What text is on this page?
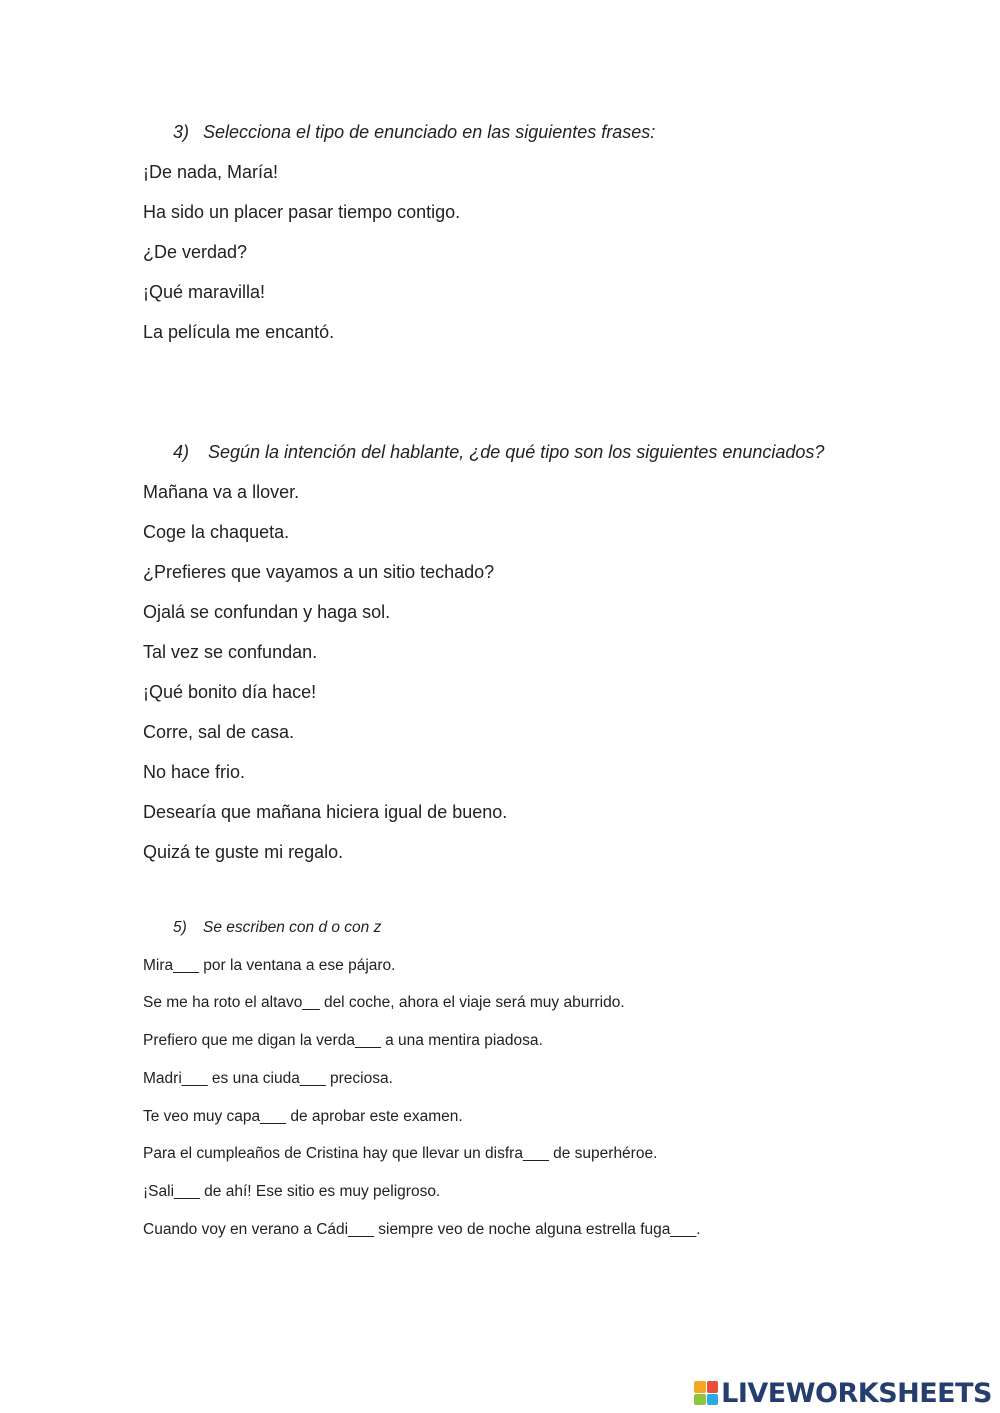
3) Selecciona el tipo de enunciado en las siguientes frases:
¡De nada, María!
Ha sido un placer pasar tiempo contigo.
¿De verdad?
¡Qué maravilla!
La película me encantó.
4) Según la intención del hablante, ¿de qué tipo son los siguientes enunciados?
Mañana va a llover.
Coge la chaqueta.
¿Prefieres que vayamos a un sitio techado?
Ojalá se confundan y haga sol.
Tal vez se confundan.
¡Qué bonito día hace!
Corre, sal de casa.
No hace frio.
Desearía que mañana hiciera igual de bueno.
Quizá te guste mi regalo.
5) Se escriben con d o con z
Mira___ por la ventana a ese pájaro.
Se me ha roto el altavo__ del coche, ahora el viaje será muy aburrido.
Prefiero que me digan la verda___ a una mentira piadosa.
Madri___ es una ciuda___ preciosa.
Te veo muy capa___ de aprobar este examen.
Para el cumpleaños de Cristina hay que llevar un disfra___ de superhéroe.
¡Sali___ de ahí! Ese sitio es muy peligroso.
Cuando voy en verano a Cádi___ siempre veo de noche alguna estrella fuga___.
LIVEWORKSHEETS
